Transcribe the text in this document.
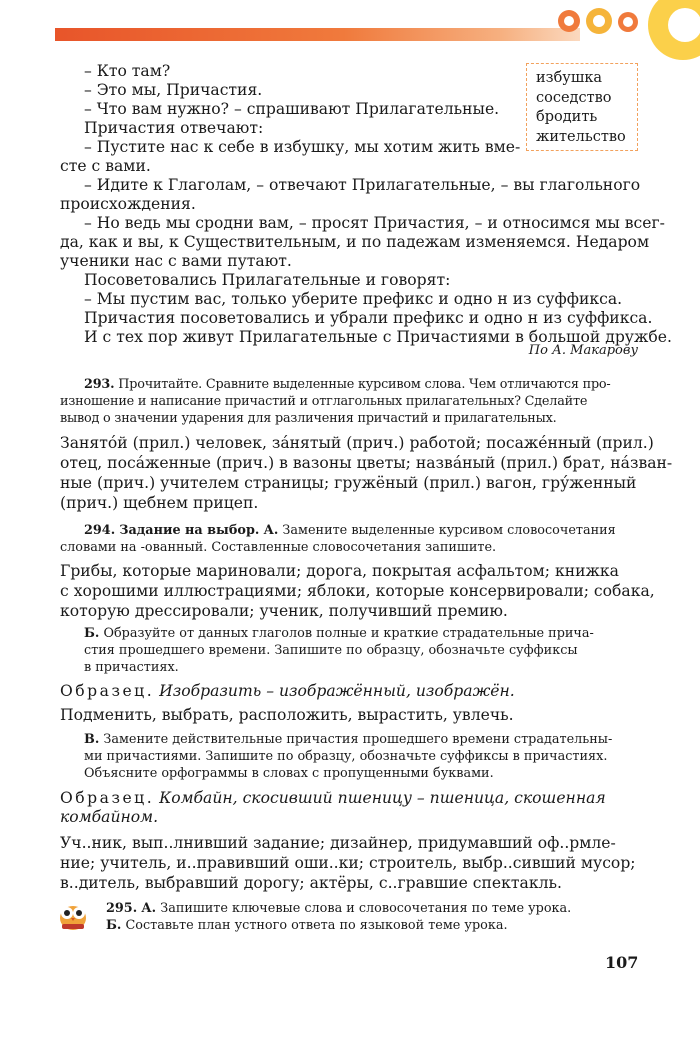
избушка
соседство
бродить
жительство
– Кто там?
– Это мы, Причастия.
– Что вам нужно? – спрашивают Прилагательные.
Причастия отвечают:
– Пустите нас к себе в избушку, мы хотим жить вме-
сте с вами.
– Идите к Глаголам, – отвечают Прилагательные, – вы глагольного
происхождения.
– Но ведь мы сродни вам, – просят Причастия, – и относимся мы всег-
да, как и вы, к Существительным, и по падежам изменяемся. Недаром
ученики нас с вами путают.
Посоветовались Прилагательные и говорят:
– Мы пустим вас, только уберите префикс и одно н из суффикса.
Причастия посоветовались и убрали префикс и одно н из суффикса.
И с тех пор живут Прилагательные с Причастиями в большой дружбе.
По А. Макарову
293. Прочитайте. Сравните выделенные курсивом слова. Чем отличаются про-
изношение и написание причастий и отглагольных прилагательных? Сделайте
вывод о значении ударения для различения причастий и прилагательных.
Занято́й (прил.) человек, за́нятый (прич.) работой; посаже́нный (прил.)
отец, поса́женные (прич.) в вазоны цветы; назва́ный (прил.) брат, на́зван-
ные (прич.) учителем страницы; гружёный (прил.) вагон, гру́женный
(прич.) щебнем прицеп.
294. Задание на выбор. А. Замените выделенные курсивом словосочетания
словами на -ованный. Составленные словосочетания запишите.
Грибы, которые мариновали; дорога, покрытая асфальтом; книжка
с хорошими иллюстрациями; яблоки, которые консервировали; собака,
которую дрессировали; ученик, получивший премию.
Б. Образуйте от данных глаголов полные и краткие страдательные прича-
стия прошедшего времени. Запишите по образцу, обозначьте суффиксы
в причастиях.
Образец. Изобразить – изображённый, изображён.
Подменить, выбрать, расположить, вырастить, увлечь.
В. Замените действительные причастия прошедшего времени страдательны-
ми причастиями. Запишите по образцу, обозначьте суффиксы в причастиях.
Объясните орфограммы в словах с пропущенными буквами.
Образец. Комбайн, скосивший пшеницу – пшеница, скошенная
комбайном.
Уч..ник, вып..лнивший задание; дизайнер, придумавший оф..рмле-
ние; учитель, и..правивший оши..ки; строитель, выбр..сивший мусор;
в..дитель, выбравший дорогу; актёры, с..гравшие спектакль.
295. А. Запишите ключевые слова и словосочетания по теме урока.
Б. Составьте план устного ответа по языковой теме урока.
107
